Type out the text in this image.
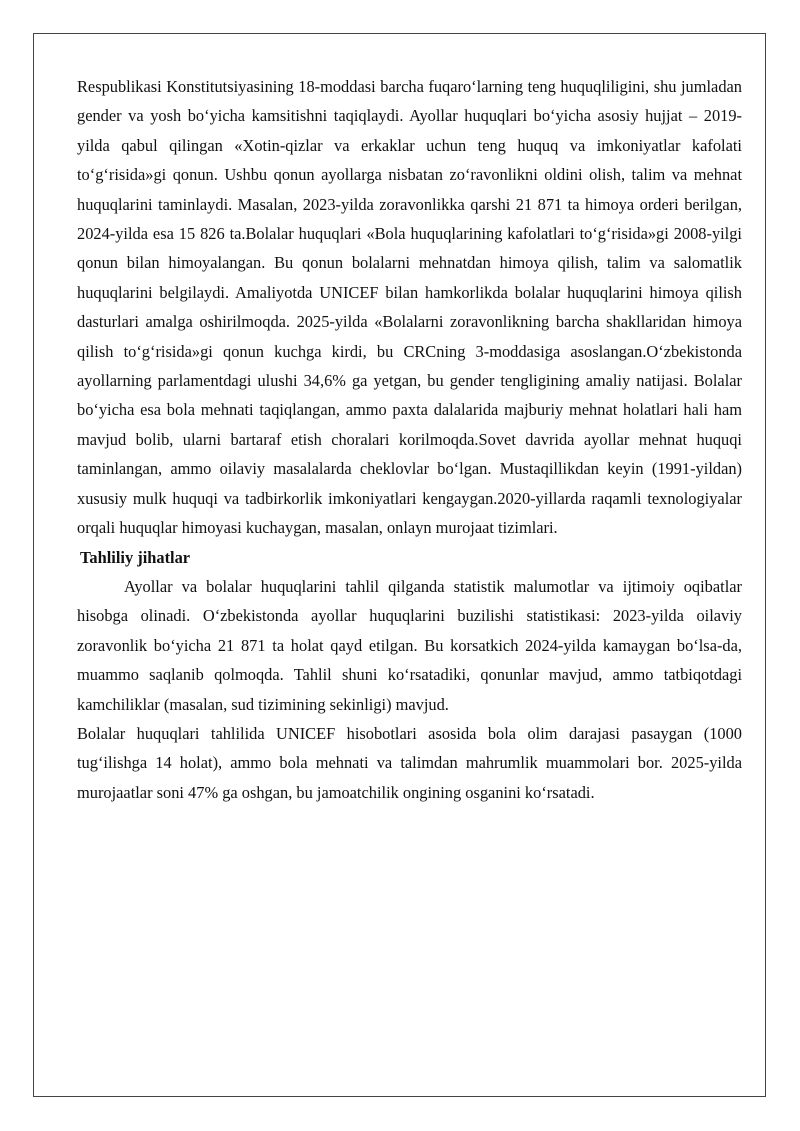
Respublikasi Konstitutsiyasining 18-moddasi barcha fuqaro‘larning teng huquqliligini, shu jumladan gender va yosh bo‘yicha kamsitishni taqiqlaydi. Ayollar huquqlari bo‘yicha asosiy hujjat – 2019-yilda qabul qilingan «Xotin-qizlar va erkaklar uchun teng huquq va imkoniyatlar kafolati to‘g‘risida»gi qonun. Ushbu qonun ayollarga nisbatan zo‘ravonlikni oldini olish, talim va mehnat huquqlarini taminlaydi. Masalan, 2023-yilda zoravonlikka qarshi 21 871 ta himoya orderi berilgan, 2024-yilda esa 15 826 ta.Bolalar huquqlari «Bola huquqlarining kafolatlari to‘g‘risida»gi 2008-yilgi qonun bilan himoyalangan. Bu qonun bolalarni mehnatdan himoya qilish, talim va salomatlik huquqlarini belgilaydi. Amaliyotda UNICEF bilan hamkorlikda bolalar huquqlarini himoya qilish dasturlari amalga oshirilmoqda. 2025-yilda «Bolalarni zoravonlikning barcha shakllaridan himoya qilish to‘g‘risida»gi qonun kuchga kirdi, bu CRCning 3-moddasiga asoslangan.O‘zbekistonda ayollarning parlamentdagi ulushi 34,6% ga yetgan, bu gender tengligining amaliy natijasi. Bolalar bo‘yicha esa bola mehnati taqiqlangan, ammo paxta dalalarida majburiy mehnat holatlari hali ham mavjud bolib, ularni bartaraf etish choralari korilmoqda.Sovet davrida ayollar mehnat huquqi taminlangan, ammo oilaviy masalalarda cheklovlar bo‘lgan. Mustaqillikdan keyin (1991-yildan) xususiy mulk huquqi va tadbirkorlik imkoniyatlari kengaygan.2020-yillarda raqamli texnologiyalar orqali huquqlar himoyasi kuchaygan, masalan, onlayn murojaat tizimlari.

Tahliliy jihatlar

Ayollar va bolalar huquqlarini tahlil qilganda statistik malumotlar va ijtimoiy oqibatlar hisobga olinadi. O‘zbekistonda ayollar huquqlarini buzilishi statistikasi: 2023-yilda oilaviy zoravonlik bo‘yicha 21 871 ta holat qayd etilgan. Bu korsatkich 2024-yilda kamaygan bo‘lsa-da, muammo saqlanib qolmoqda. Tahlil shuni ko‘rsatadiki, qonunlar mavjud, ammo tatbiqotdagi kamchiliklar (masalan, sud tizimining sekinligi) mavjud.

Bolalar huquqlari tahlilida UNICEF hisobotlari asosida bola olim darajasi pasaygan (1000 tug‘ilishga 14 holat), ammo bola mehnati va talimdan mahrumlik muammolari bor. 2025-yilda murojaatlar soni 47% ga oshgan, bu jamoatchilik ongining osganini ko‘rsatadi.
